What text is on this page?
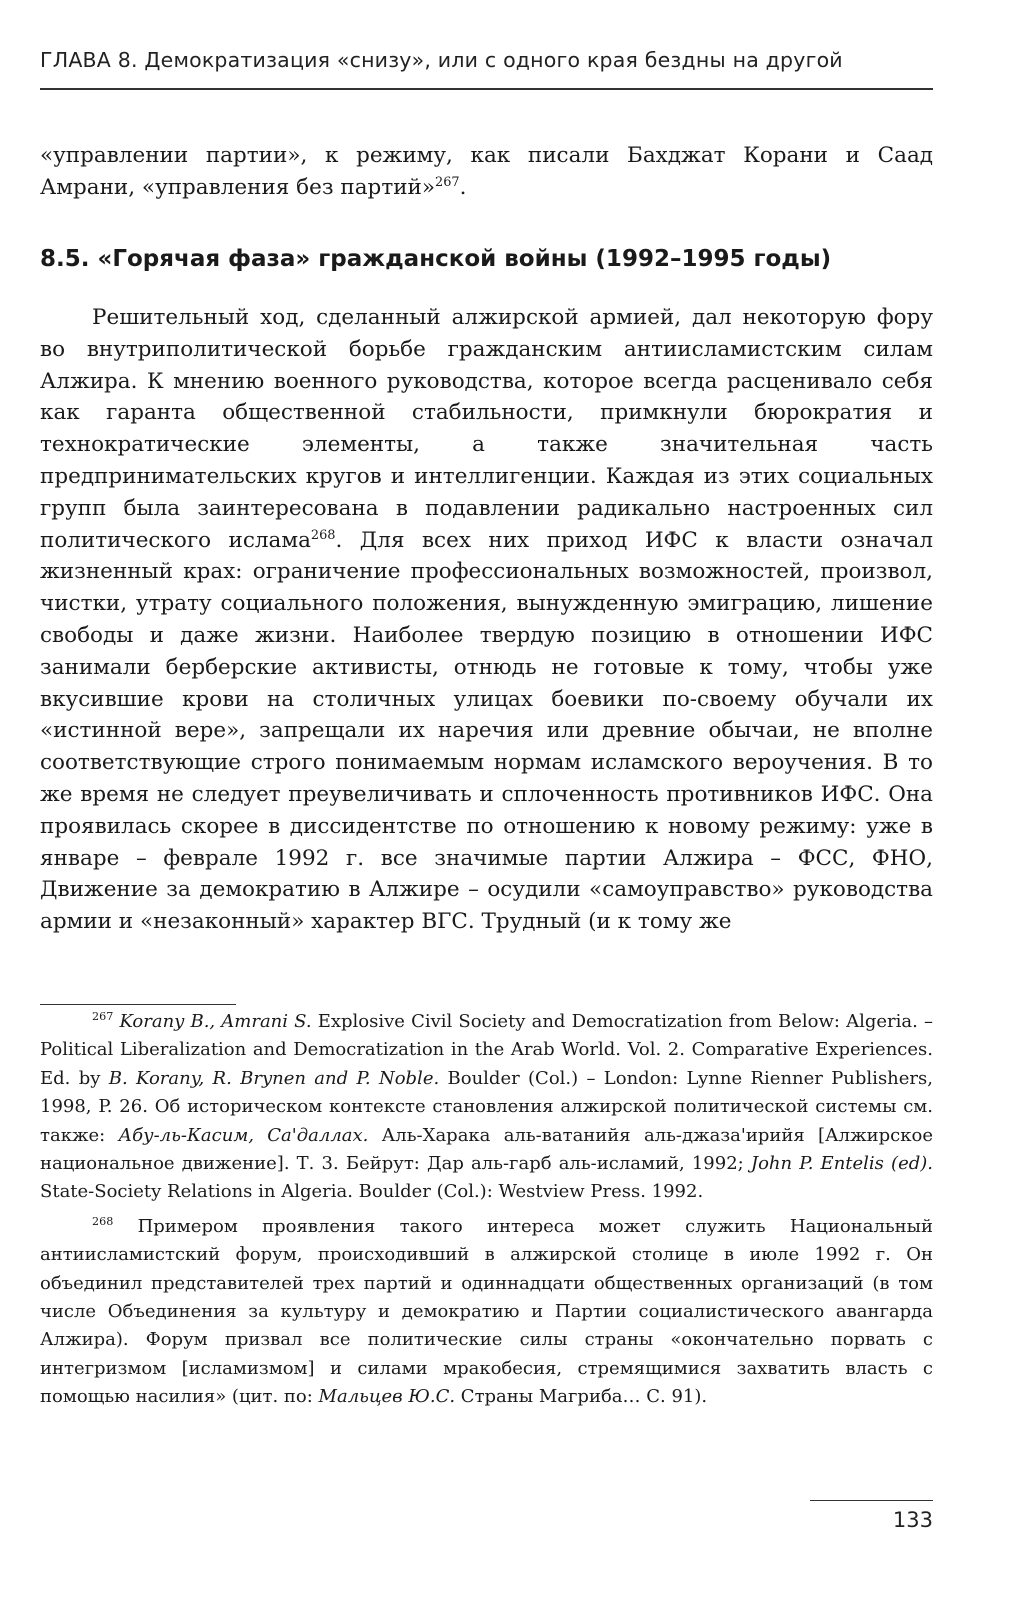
ГЛАВА 8. Демократизация «снизу», или с одного края бездны на другой
«управлении партии», к режиму, как писали Бахджат Корани и Саад Амрани, «управления без партий»$^{267}$.
8.5. «Горячая фаза» гражданской войны (1992–1995 годы)

Решительный ход, сделанный алжирской армией, дал некоторую фору во внутриполитической борьбе гражданским антиисламистским силам Алжира. К мнению военного руководства, которое всегда расценивало себя как гаранта общественной стабильности, примкнули бюрократия и технократические элементы, а также значительная часть предпринимательских кругов и интеллигенции. Каждая из этих социальных групп была заинтересована в подавлении радикально настроенных сил политического ислама$^{268}$. Для всех них приход ИФС к власти означал жизненный крах: ограничение профессиональных возможностей, произвол, чистки, утрату социального положения, вынужденную эмиграцию, лишение свободы и даже жизни. Наиболее твердую позицию в отношении ИФС занимали берберские активисты, отнюдь не готовые к тому, чтобы уже вкусившие крови на столичных улицах боевики по-своему обучали их «истинной вере», запрещали их наречия или древние обычаи, не вполне соответствующие строго понимаемым нормам исламского вероучения. В то же время не следует преувеличивать и сплоченность противников ИФС. Она проявилась скорее в диссидентстве по отношению к новому режиму: уже в январе – феврале 1992 г. все значимые партии Алжира – ФСС, ФНО, Движение за демократию в Алжире – осудили «самоуправство» руководства армии и «незаконный» характер ВГС. Трудный (и к тому же

$^{267}$ Korany B., Amrani S. Explosive Civil Society and Democratization from Below: Algeria. – Political Liberalization and Democratization in the Arab World. Vol. 2. Comparative Experiences. Ed. by B. Korany, R. Brynen and P. Noble. Boulder (Col.) – London: Lynne Rienner Publishers, 1998, P. 26. Об историческом контексте становления алжирской политической системы см. также: Абу-ль-Касим, Са'даллах. Аль-Харака аль-ватанийя аль-джаза'ирийя [Алжирское национальное движение]. Т. 3. Бейрут: Дар аль-гарб аль-исламий, 1992; John P. Entelis (ed). State-Society Relations in Algeria. Boulder (Col.): Westview Press. 1992.

$^{268}$ Примером проявления такого интереса может служить Национальный антиисламистский форум, происходивший в алжирской столице в июле 1992 г. Он объединил представителей трех партий и одиннадцати общественных организаций (в том числе Объединения за культуру и демократию и Партии социалистического авангарда Алжира). Форум призвал все политические силы страны «окончательно порвать с интегризмом [исламизмом] и силами мракобесия, стремящимися захватить власть с помощью насилия» (цит. по: Мальцев Ю.С. Страны Магриба… С. 91).

133
